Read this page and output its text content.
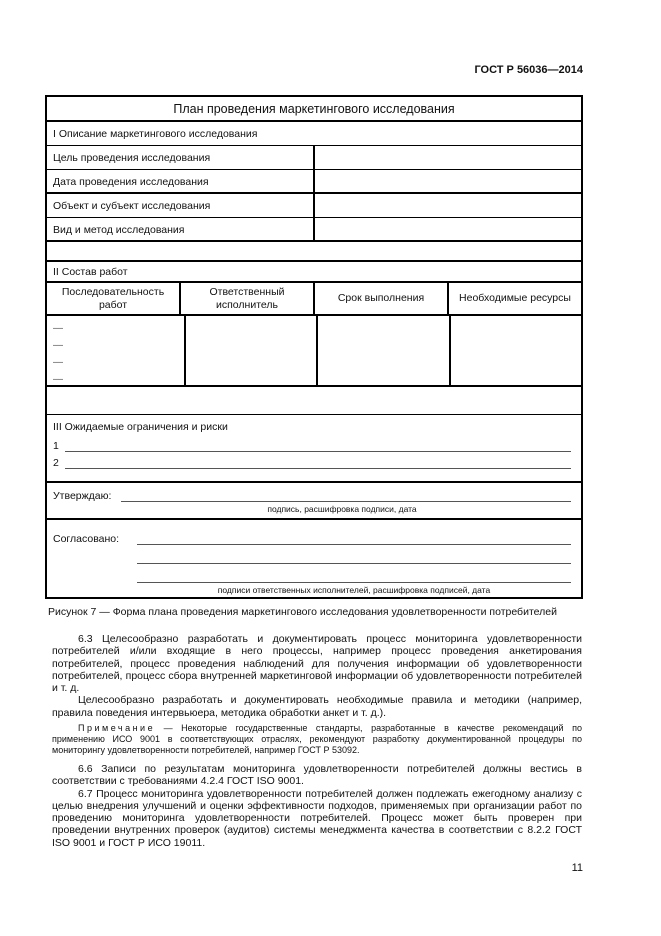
ГОСТ Р 56036—2014
План проведения маркетингового исследования
I Описание маркетингового исследования
Цель проведения исследования
Дата проведения исследования
Объект и субъект исследования
Вид и метод исследования
II Состав работ
Последовательность работ
Ответственный исполнитель
Срок выполнения	Необходимые ресурсы
—
—
—
—
III Ожидаемые ограничения и риски
1
2
Утверждаю:
подпись, расшифровка подписи, дата
Согласовано:
подписи ответственных исполнителей, расшифровка подписей, дата
Рисунок 7 — Форма плана проведения маркетингового исследования удовлетворенности потребителей

6.3 Целесообразно разработать и документировать процесс мониторинга удовлетворенности потребителей и/или входящие в него процессы, например процесс проведения анкетирования потребителей, процесс проведения наблюдений для получения информации об удовлетворенности потребителей, процесс сбора внутренней маркетинговой информации об удовлетворенности потребителей и т. д.

Целесообразно разработать и документировать необходимые правила и методики (например, правила поведения интервьюера, методика обработки анкет и т. д.).

Примечание — Некоторые государственные стандарты, разработанные в качестве рекомендаций по применению ИСО 9001 в соответствующих отраслях, рекомендуют разработку документированной процедуры по мониторингу удовлетворенности потребителей, например ГОСТ Р 53092.

6.6 Записи по результатам мониторинга удовлетворенности потребителей должны вестись в соответствии с требованиями 4.2.4 ГОСТ ISO 9001.

6.7 Процесс мониторинга удовлетворенности потребителей должен подлежать ежегодному анализу с целью внедрения улучшений и оценки эффективности подходов, применяемых при организации работ по проведению мониторинга удовлетворенности потребителей. Процесс может быть проверен при проведении внутренних проверок (аудитов) системы менеджмента качества в соответствии с 8.2.2 ГОСТ ISO 9001 и ГОСТ Р ИСО 19011.

11
